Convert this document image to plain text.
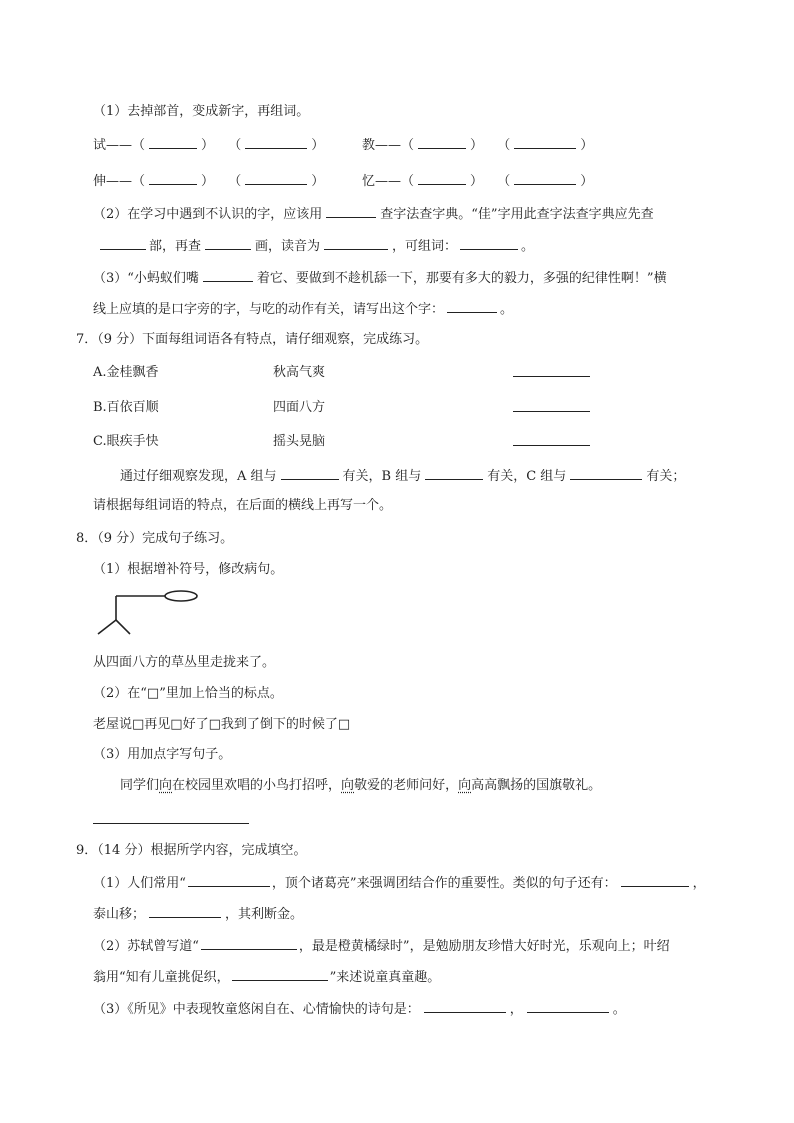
（1）去掉部首，变成新字，再组词。
试——（	） （	）	教——（	） （	）
伸——（	） （	）	忆——（	） （	）
（2）在学习中遇到不认识的字，应该用	查字法查字典。“佳”字用此查字法查字典应先查
部，再查	画，读音为	，可组词：	。
（3）“小蚂蚁们嘴	着它、要做到不趁机舔一下，那要有多大的毅力，多强的纪律性啊！”横
线上应填的是口字旁的字，与吃的动作有关，请写出这个字：	。
7．（9 分）下面每组词语各有特点，请仔细观察，完成练习。
A.金桂飘香	秋高气爽
B.百依百顺	四面八方
C.眼疾手快	摇头晃脑
通过仔细观察发现，A 组与	有关，B 组与	有关，C 组与	有关；
请根据每组词语的特点，在后面的横线上再写一个。
8．（9 分）完成句子练习。
（1）根据增补符号，修改病句。
从四面八方的草丛里走拢来了。
（2）在“□”里加上恰当的标点。
老屋说□再见□好了□我到了倒下的时候了□
（3）用加点字写句子。
同学们向在校园里欢唱的小鸟打招呼，向敬爱的老师问好，向高高飘扬的国旗敬礼。
9．（14 分）根据所学内容，完成填空。
（1）人们常用“	，顶个诸葛亮”来强调团结合作的重要性。类似的句子还有：	，
泰山移；	，其利断金。
（2）苏轼曾写道“	，最是橙黄橘绿时”，是勉励朋友珍惜大好时光，乐观向上；叶绍
翁用“知有儿童挑促织，	”来述说童真童趣。
（3）《所见》中表现牧童悠闲自在、心情愉快的诗句是：	，	。
